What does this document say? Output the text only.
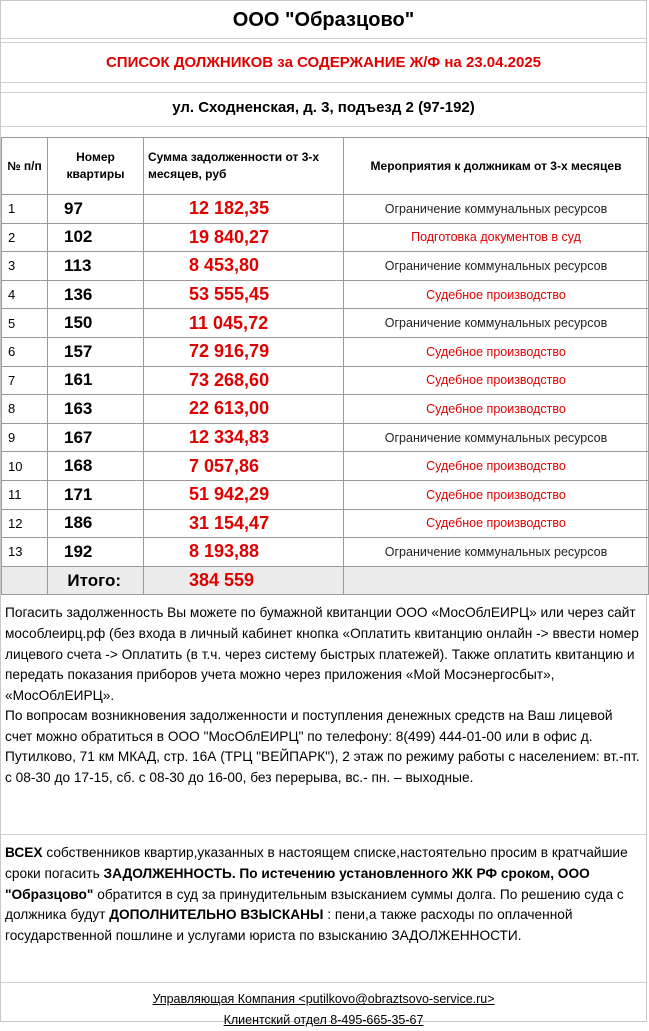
ООО "Образцово"
СПИСОК ДОЛЖНИКОВ за СОДЕРЖАНИЕ Ж/Ф на 23.04.2025
ул. Сходненская, д. 3, подъезд 2 (97-192)
№ п/п	Номер квартиры	Сумма задолженности от 3-х месяцев, руб	Мероприятия к должникам от 3-х месяцев
1	97	12 182,35	Ограничение коммунальных ресурсов
2	102	19 840,27	Подготовка документов в суд
3	113	8 453,80	Ограничение коммунальных ресурсов
4	136	53 555,45	Судебное производство
5	150	11 045,72	Ограничение коммунальных ресурсов
6	157	72 916,79	Судебное производство
7	161	73 268,60	Судебное производство
8	163	22 613,00	Судебное производство
9	167	12 334,83	Ограничение коммунальных ресурсов
10	168	7 057,86	Судебное производство
11	171	51 942,29	Судебное производство
12	186	31 154,47	Судебное производство
13	192	8 193,88	Ограничение коммунальных ресурсов
	Итого:	384 559	

Погасить задолженность Вы можете по бумажной квитанции ООО «МосОблЕИРЦ» или через сайт мособлеирц.рф (без входа в личный кабинет кнопка «Оплатить квитанцию онлайн -> ввести номер лицевого счета -> Оплатить (в т.ч. через систему быстрых платежей). Также оплатить квитанцию и передать показания приборов учета можно через приложения «Мой Мосэнергосбыт», «МосОблЕИРЦ».

По вопросам возникновения задолженности и поступления денежных средств на Ваш лицевой счет можно обратиться в ООО "МосОблЕИРЦ" по телефону: 8(499) 444-01-00 или в офис д. Путилково, 71 км МКАД, стр. 16А (ТРЦ "ВЕЙПАРК"), 2 этаж по режиму работы с населением: вт.-пт. с 08-30 до 17-15, сб. с 08-30 до 16-00, без перерыва, вс.- пн. – выходные.

ВСЕХ собственников квартир,указанных в настоящем списке,настоятельно просим в кратчайшие сроки погасить ЗАДОЛЖЕННОСТЬ. По истечению установленного ЖК РФ сроком, ООО "Образцово" обратится в суд за принудительным взысканием суммы долга. По решению суда с должника будут ДОПОЛНИТЕЛЬНО ВЗЫСКАНЫ : пени,а также расходы по оплаченной государственной пошлине и услугами юриста по взысканию ЗАДОЛЖЕННОСТИ.

Управляющая Компания <putilkovo@obraztsovo-service.ru>
Клиентский отдел 8-495-665-35-67
